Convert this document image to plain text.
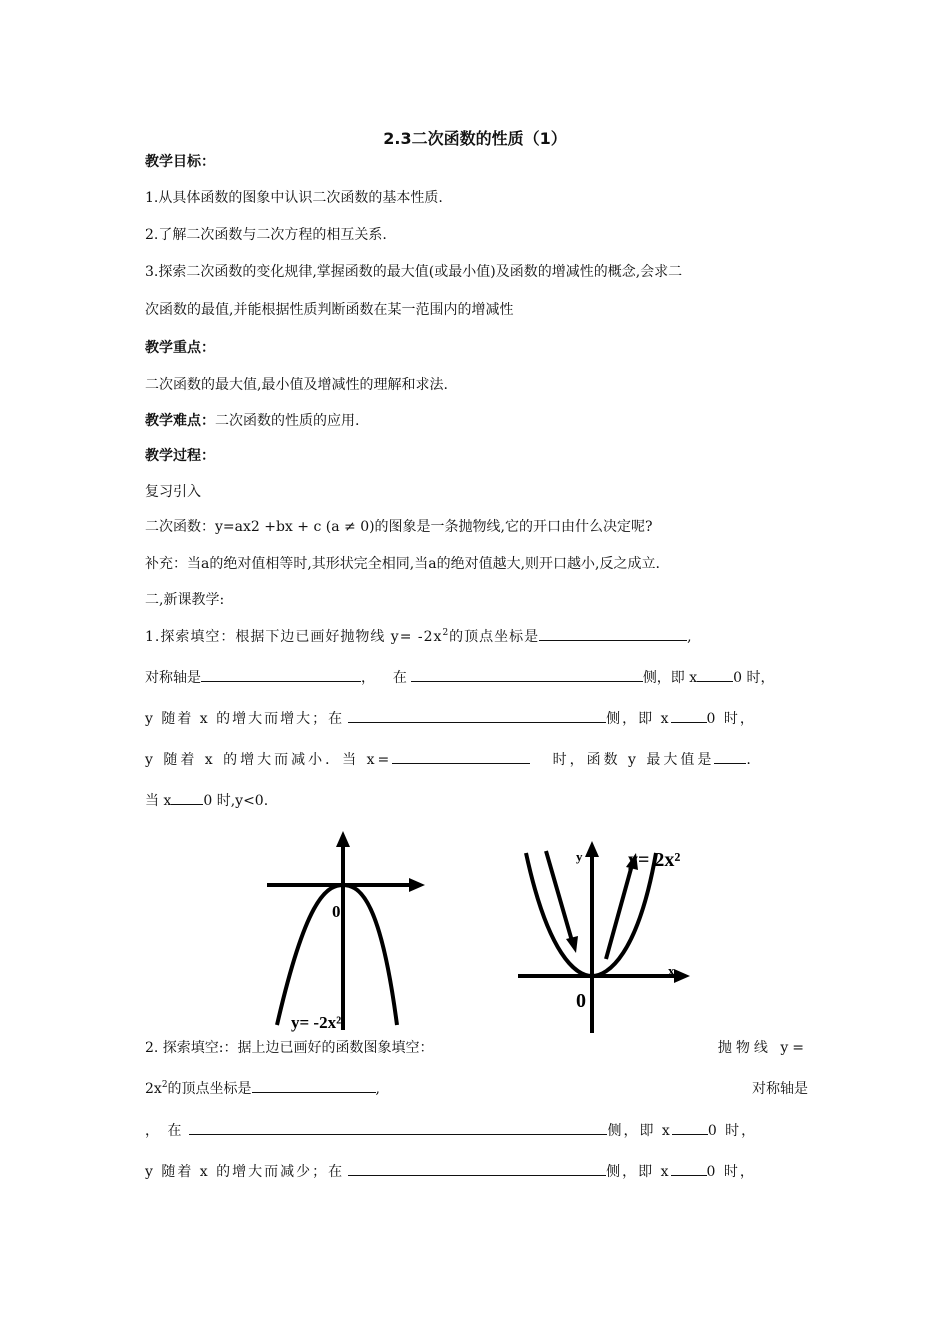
2.3二次函数的性质（1）
教学目标：
1.从具体函数的图象中认识二次函数的基本性质.
2.了解二次函数与二次方程的相互关系.
3.探索二次函数的变化规律,掌握函数的最大值(或最小值)及函数的增减性的概念,会求二
次函数的最值,并能根据性质判断函数在某一范围内的增减性
教学重点：
二次函数的最大值,最小值及增减性的理解和求法.
教学难点：二次函数的性质的应用.
教学过程：
复习引入
二次函数：y=ax2 +bx + c (a ≠ 0)的图象是一条抛物线,它的开口由什么决定呢?
补充：当a的绝对值相等时,其形状完全相同,当a的绝对值越大,则开口越小,反之成立.
二,新课教学:
1.探索填空：根据下边已画好抛物线 $y= -2x^2$的顶点坐标是	,
对称轴是	， 在	侧，即 x	0 时，
y 随着 x 的增大而增大；在	侧，即 x	0 时，
y 随着 x 的增大而减小．当 x=	时，函数 y 最大值是 .
当 x 0 时,y<0.
0
y= -2x²
y
x
0
y= 2x²
2. 探索填空:：据上边已画好的函数图象填空：	抛物线 y=
$2x^2$的顶点坐标是	,	对称轴是
， 在	侧，即 x	0 时，
y 随着 x 的增大而减少；在	侧，即 x	0 时，
